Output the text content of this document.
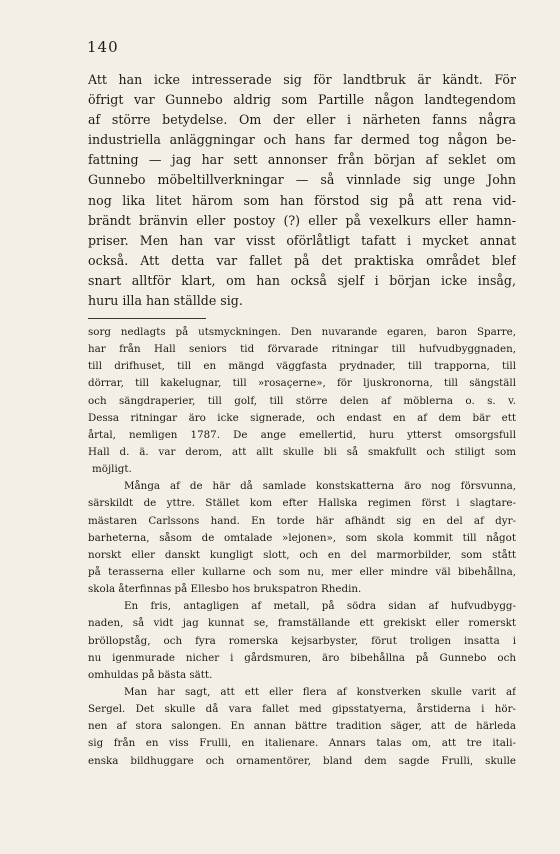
140
Att han icke intresserade sig för landtbruk är kändt. För
öfrigt var Gunnebo aldrig som Partille någon landtegendom
af större betydelse. Om der eller i närheten fanns några
industriella anläggningar och hans far dermed tog någon be-
fattning — jag har sett annonser från början af seklet om
Gunnebo möbeltillverkningar — så vinnlade sig unge John
nog lika litet härom som han förstod sig på att rena vid-
brändt bränvin eller postoy (?) eller på vexelkurs eller hamn-
priser. Men han var visst oförlåtligt tafatt i mycket annat
också. Att detta var fallet på det praktiska området blef
snart alltför klart, om han också sjelf i början icke insåg,
huru illa han ställde sig.
sorg nedlagts på utsmyckningen. Den nuvarande egaren, baron Sparre,
har från Hall seniors tid förvarade ritningar till hufvudbyggnaden,
till drifhuset, till en mängd väggfasta prydnader, till trapporna, till
dörrar, till kakelugnar, till »rosaçerne», för ljuskronorna, till sängställ
och sängdraperier, till golf, till större delen af möblerna o. s. v.
Dessa ritningar äro icke signerade, och endast en af dem bär ett
årtal, nemligen 1787. De ange emellertid, huru ytterst omsorgsfull
Hall d. ä. var derom, att allt skulle bli så smakfullt och stiligt som
möjligt.
Många af de här då samlade konstskatterna äro nog försvunna,
särskildt de yttre. Stället kom efter Hallska regimen först i slagtare-
mästaren Carlssons hand. En torde här afhändt sig en del af dyr-
barheterna, såsom de omtalade »lejonen», som skola kommit till något
norskt eller danskt kungligt slott, och en del marmorbilder, som stått
på terasserna eller kullarne och som nu, mer eller mindre väl bibehållna,
skola återfinnas på Ellesbo hos brukspatron Rhedin.
En fris, antagligen af metall, på södra sidan af hufvudbygg-
naden, så vidt jag kunnat se, framställande ett grekiskt eller romerskt
bröllopståg, och fyra romerska kejsarbyster, förut troligen insatta i
nu igenmurade nicher i gårdsmuren, äro bibehållna på Gunnebo och
omhuldas på bästa sätt.
Man har sagt, att ett eller flera af konstverken skulle varit af
Sergel. Det skulle då vara fallet med gipsstatyerna, årstiderna i hör-
nen af stora salongen. En annan bättre tradition säger, att de härleda
sig från en viss Frulli, en italienare. Annars talas om, att tre itali-
enska bildhuggare och ornamentörer, bland dem sagde Frulli, skulle
